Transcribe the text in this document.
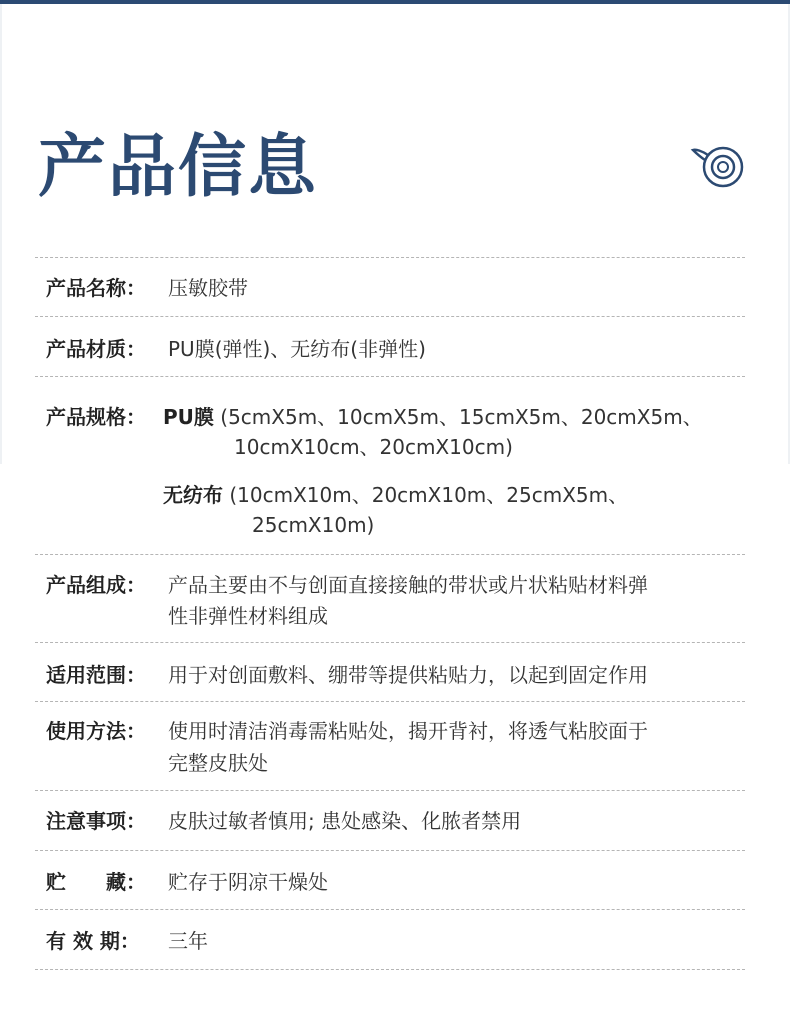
产品信息
产品名称： 压敏胶带
产品材质： PU膜(弹性)、无纺布(非弹性)
产品规格： PU膜 (5cmX5m、10cmX5m、15cmX5m、20cmX5m、
10cmX10cm、20cmX10cm)
无纺布 (10cmX10m、20cmX10m、25cmX5m、
25cmX10m)
产品组成： 产品主要由不与创面直接接触的带状或片状粘贴材料弹
性非弹性材料组成
适用范围： 用于对创面敷料、绷带等提供粘贴力，以起到固定作用
使用方法： 使用时清洁消毒需粘贴处，揭开背衬，将透气粘胶面于
完整皮肤处
注意事项： 皮肤过敏者慎用; 患处感染、化脓者禁用
贮　　藏： 贮存于阴凉干燥处
有 效 期： 三年
